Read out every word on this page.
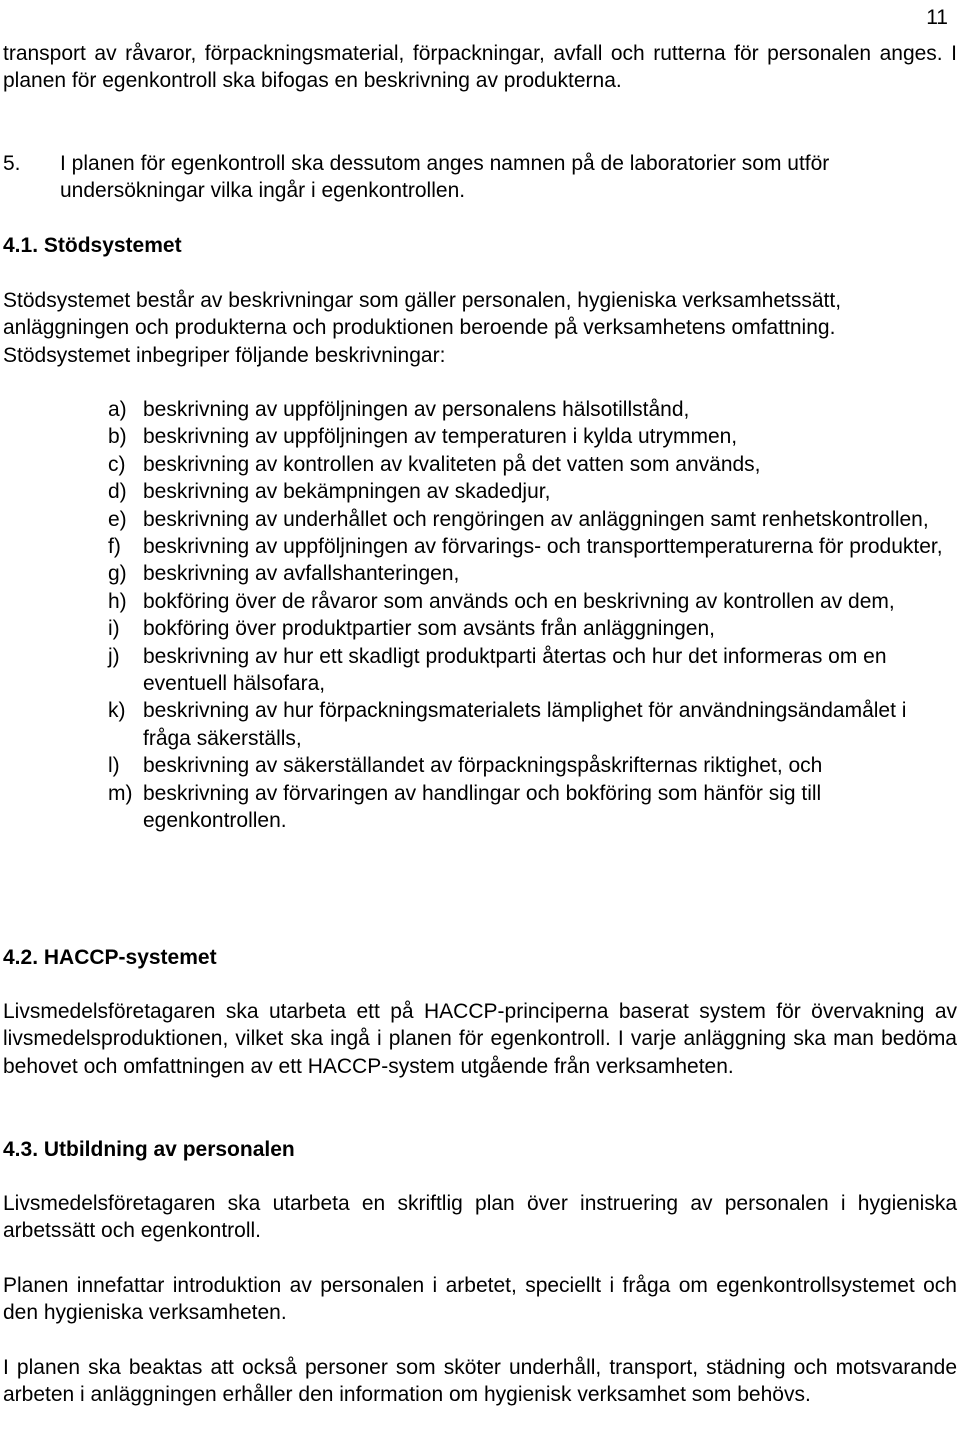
11

transport av råvaror, förpackningsmaterial, förpackningar, avfall och rutterna för personalen anges. I planen för egenkontroll ska bifogas en beskrivning av produkterna.

5. I planen för egenkontroll ska dessutom anges namnen på de laboratorier som utför undersökningar vilka ingår i egenkontrollen.
4.1. Stödsystemet

Stödsystemet består av beskrivningar som gäller personalen, hygieniska verksamhetssätt, anläggningen och produkterna och produktionen beroende på verksamhetens omfattning. Stödsystemet inbegriper följande beskrivningar:

a) beskrivning av uppföljningen av personalens hälsotillstånd,
b) beskrivning av uppföljningen av temperaturen i kylda utrymmen,
c) beskrivning av kontrollen av kvaliteten på det vatten som används,
d) beskrivning av bekämpningen av skadedjur,
e) beskrivning av underhållet och rengöringen av anläggningen samt renhetskontrollen,
f) beskrivning av uppföljningen av förvarings- och transporttemperaturerna för produkter,
g) beskrivning av avfallshanteringen,
h) bokföring över de råvaror som används och en beskrivning av kontrollen av dem,
i) bokföring över produktpartier som avsänts från anläggningen,
j) beskrivning av hur ett skadligt produktparti återtas och hur det informeras om en eventuell hälsofara,
k) beskrivning av hur förpackningsmaterialets lämplighet för användningsändamålet i fråga säkerställs,
l) beskrivning av säkerställandet av förpackningspåskrifternas riktighet, och
m) beskrivning av förvaringen av handlingar och bokföring som hänför sig till egenkontrollen.
4.2. HACCP-systemet

Livsmedelsföretagaren ska utarbeta ett på HACCP-principerna baserat system för övervakning av livsmedelsproduktionen, vilket ska ingå i planen för egenkontroll. I varje anläggning ska man bedöma behovet och omfattningen av ett HACCP-system utgående från verksamheten.

4.3. Utbildning av personalen

Livsmedelsföretagaren ska utarbeta en skriftlig plan över instruering av personalen i hygieniska arbetssätt och egenkontroll.

Planen innefattar introduktion av personalen i arbetet, speciellt i fråga om egenkontrollsystemet och den hygieniska verksamheten.

I planen ska beaktas att också personer som sköter underhåll, transport, städning och motsvarande arbeten i anläggningen erhåller den information om hygienisk verksamhet som behövs.
